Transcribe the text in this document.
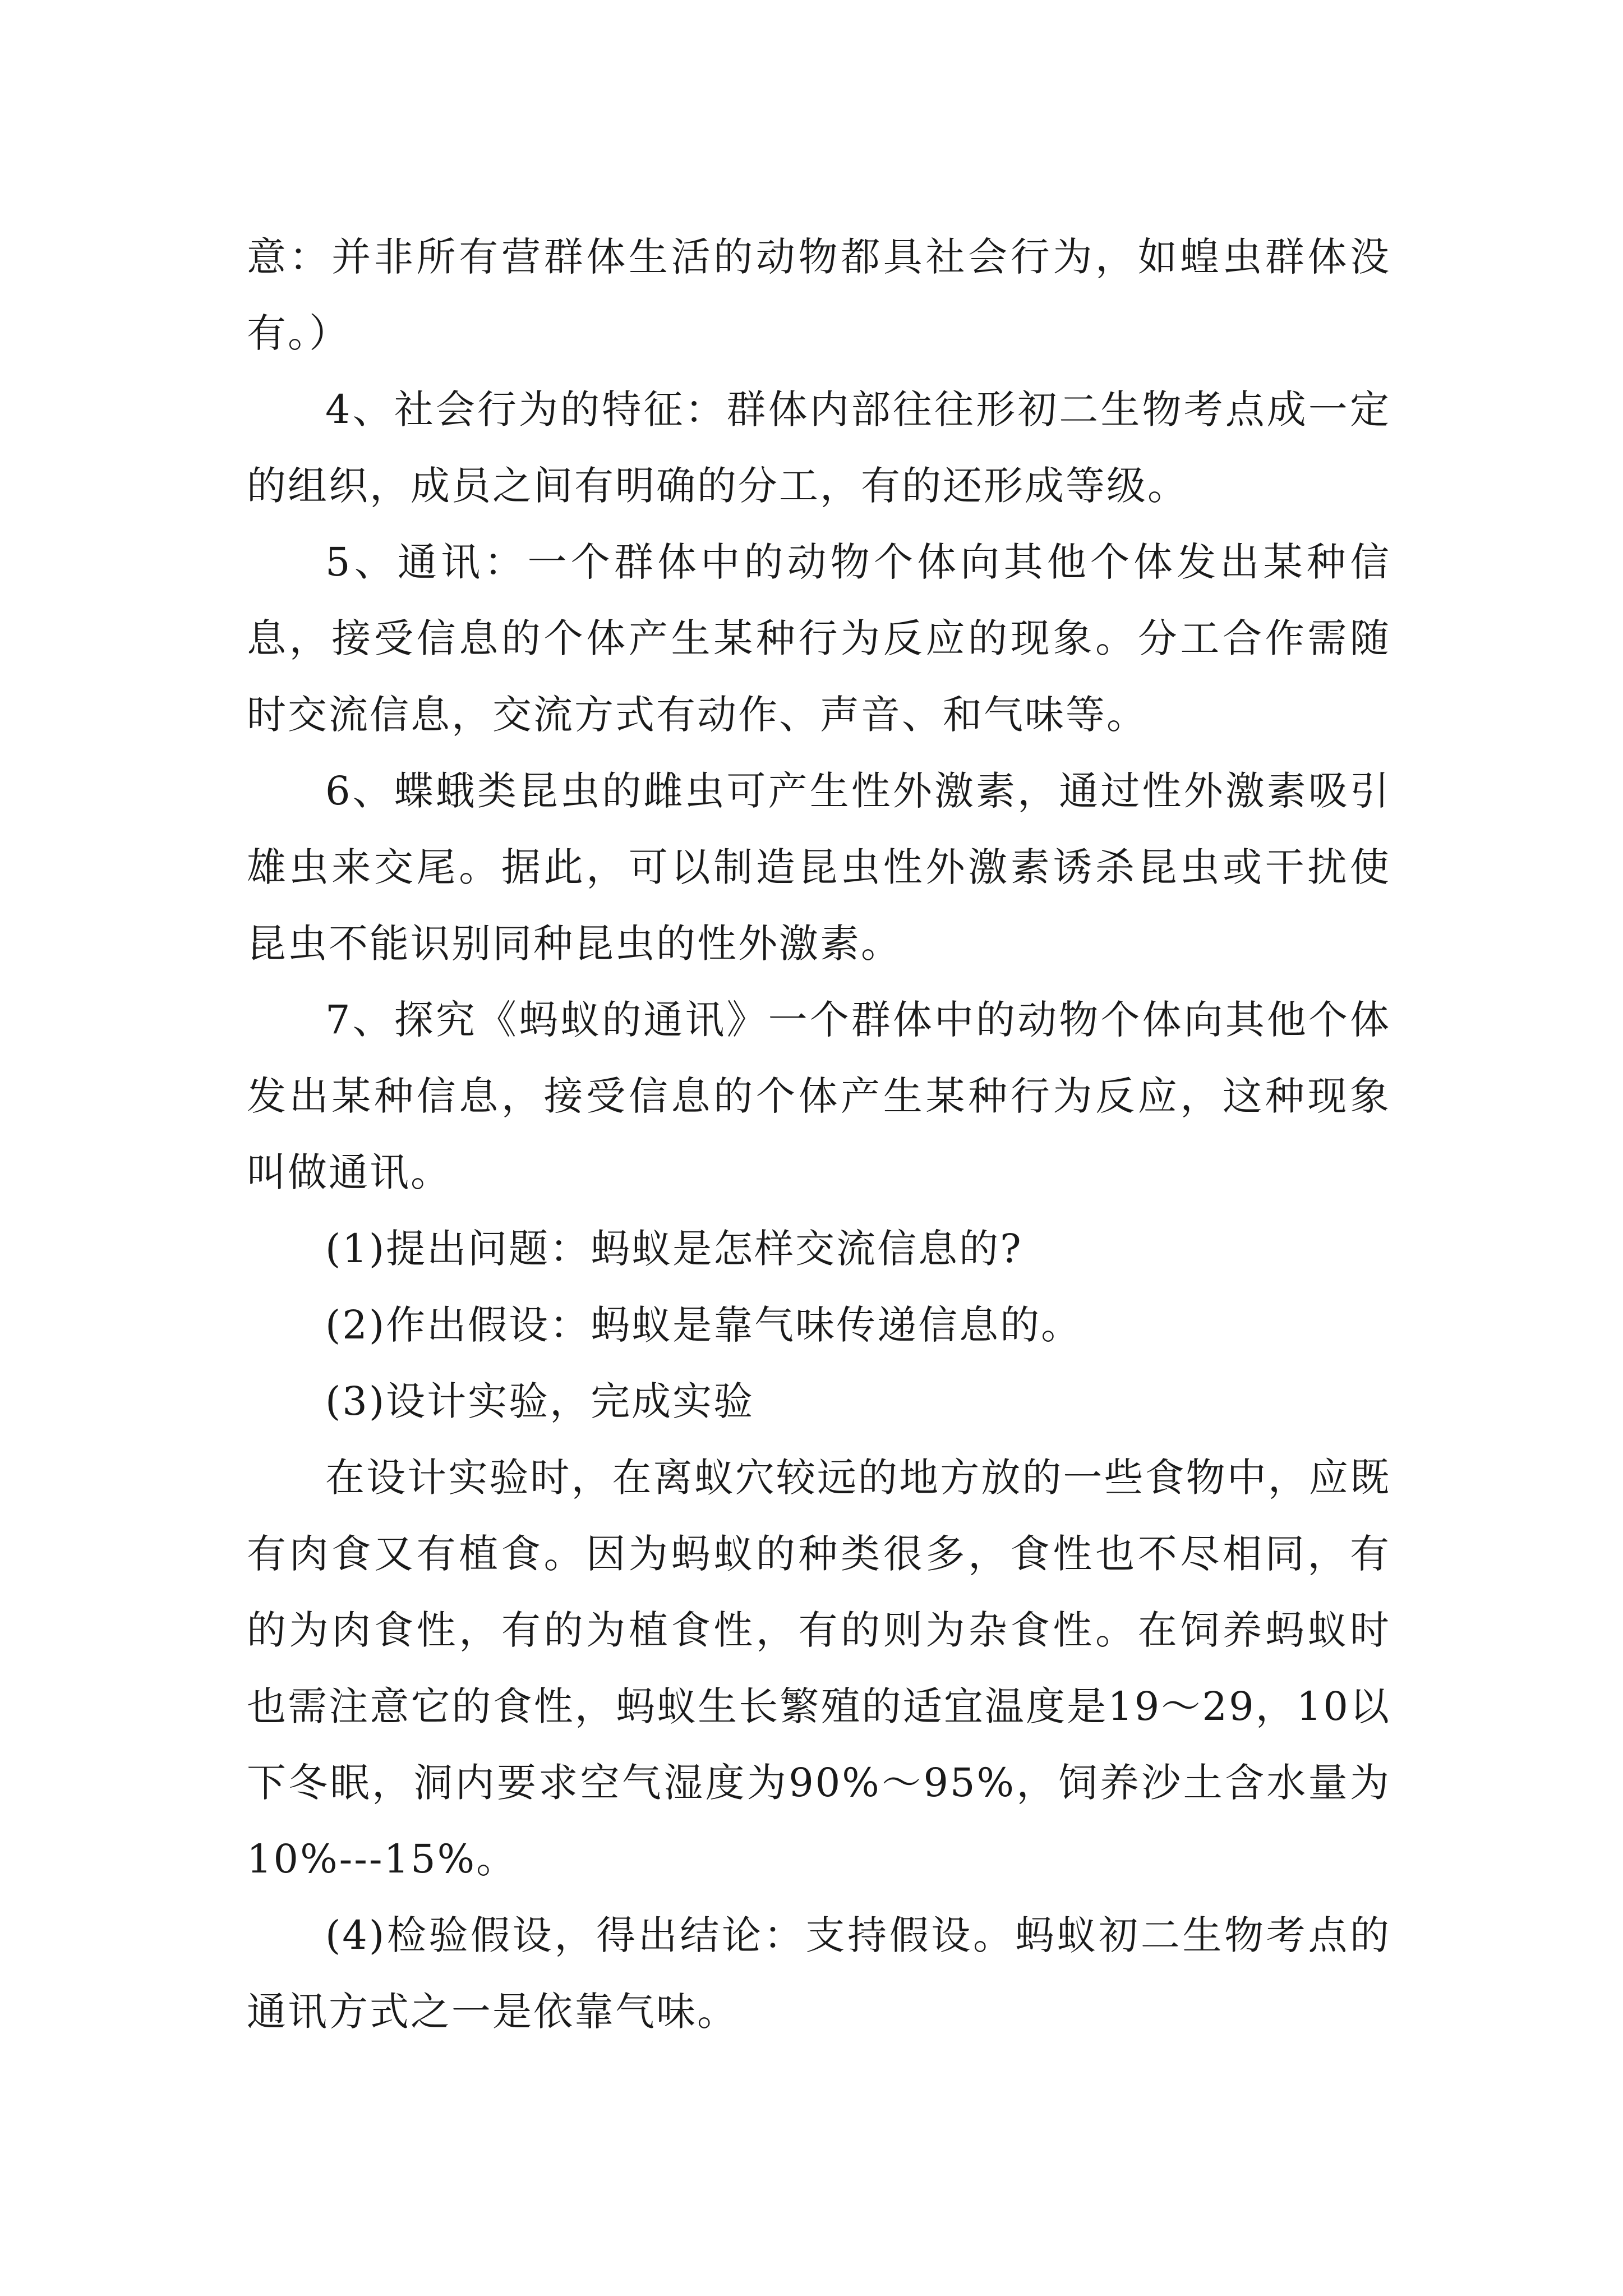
意：并非所有营群体生活的动物都具社会行为，如蝗虫群体没有。）

4、社会行为的特征：群体内部往往形初二生物考点成一定的组织，成员之间有明确的分工，有的还形成等级。

5、通讯：一个群体中的动物个体向其他个体发出某种信息，接受信息的个体产生某种行为反应的现象。分工合作需随时交流信息，交流方式有动作、声音、和气味等。

6、蝶蛾类昆虫的雌虫可产生性外激素，通过性外激素吸引雄虫来交尾。据此，可以制造昆虫性外激素诱杀昆虫或干扰使昆虫不能识别同种昆虫的性外激素。

7、探究《蚂蚁的通讯》一个群体中的动物个体向其他个体发出某种信息，接受信息的个体产生某种行为反应，这种现象叫做通讯。

(1)提出问题：蚂蚁是怎样交流信息的?

(2)作出假设：蚂蚁是靠气味传递信息的。

(3)设计实验，完成实验

在设计实验时，在离蚁穴较远的地方放的一些食物中，应既有肉食又有植食。因为蚂蚁的种类很多，食性也不尽相同，有的为肉食性，有的为植食性，有的则为杂食性。在饲养蚂蚁时也需注意它的食性，蚂蚁生长繁殖的适宜温度是19～29，10以下冬眠，洞内要求空气湿度为90%～95%，饲养沙土含水量为10%---15%。

(4)检验假设，得出结论：支持假设。蚂蚁初二生物考点的通讯方式之一是依靠气味。
